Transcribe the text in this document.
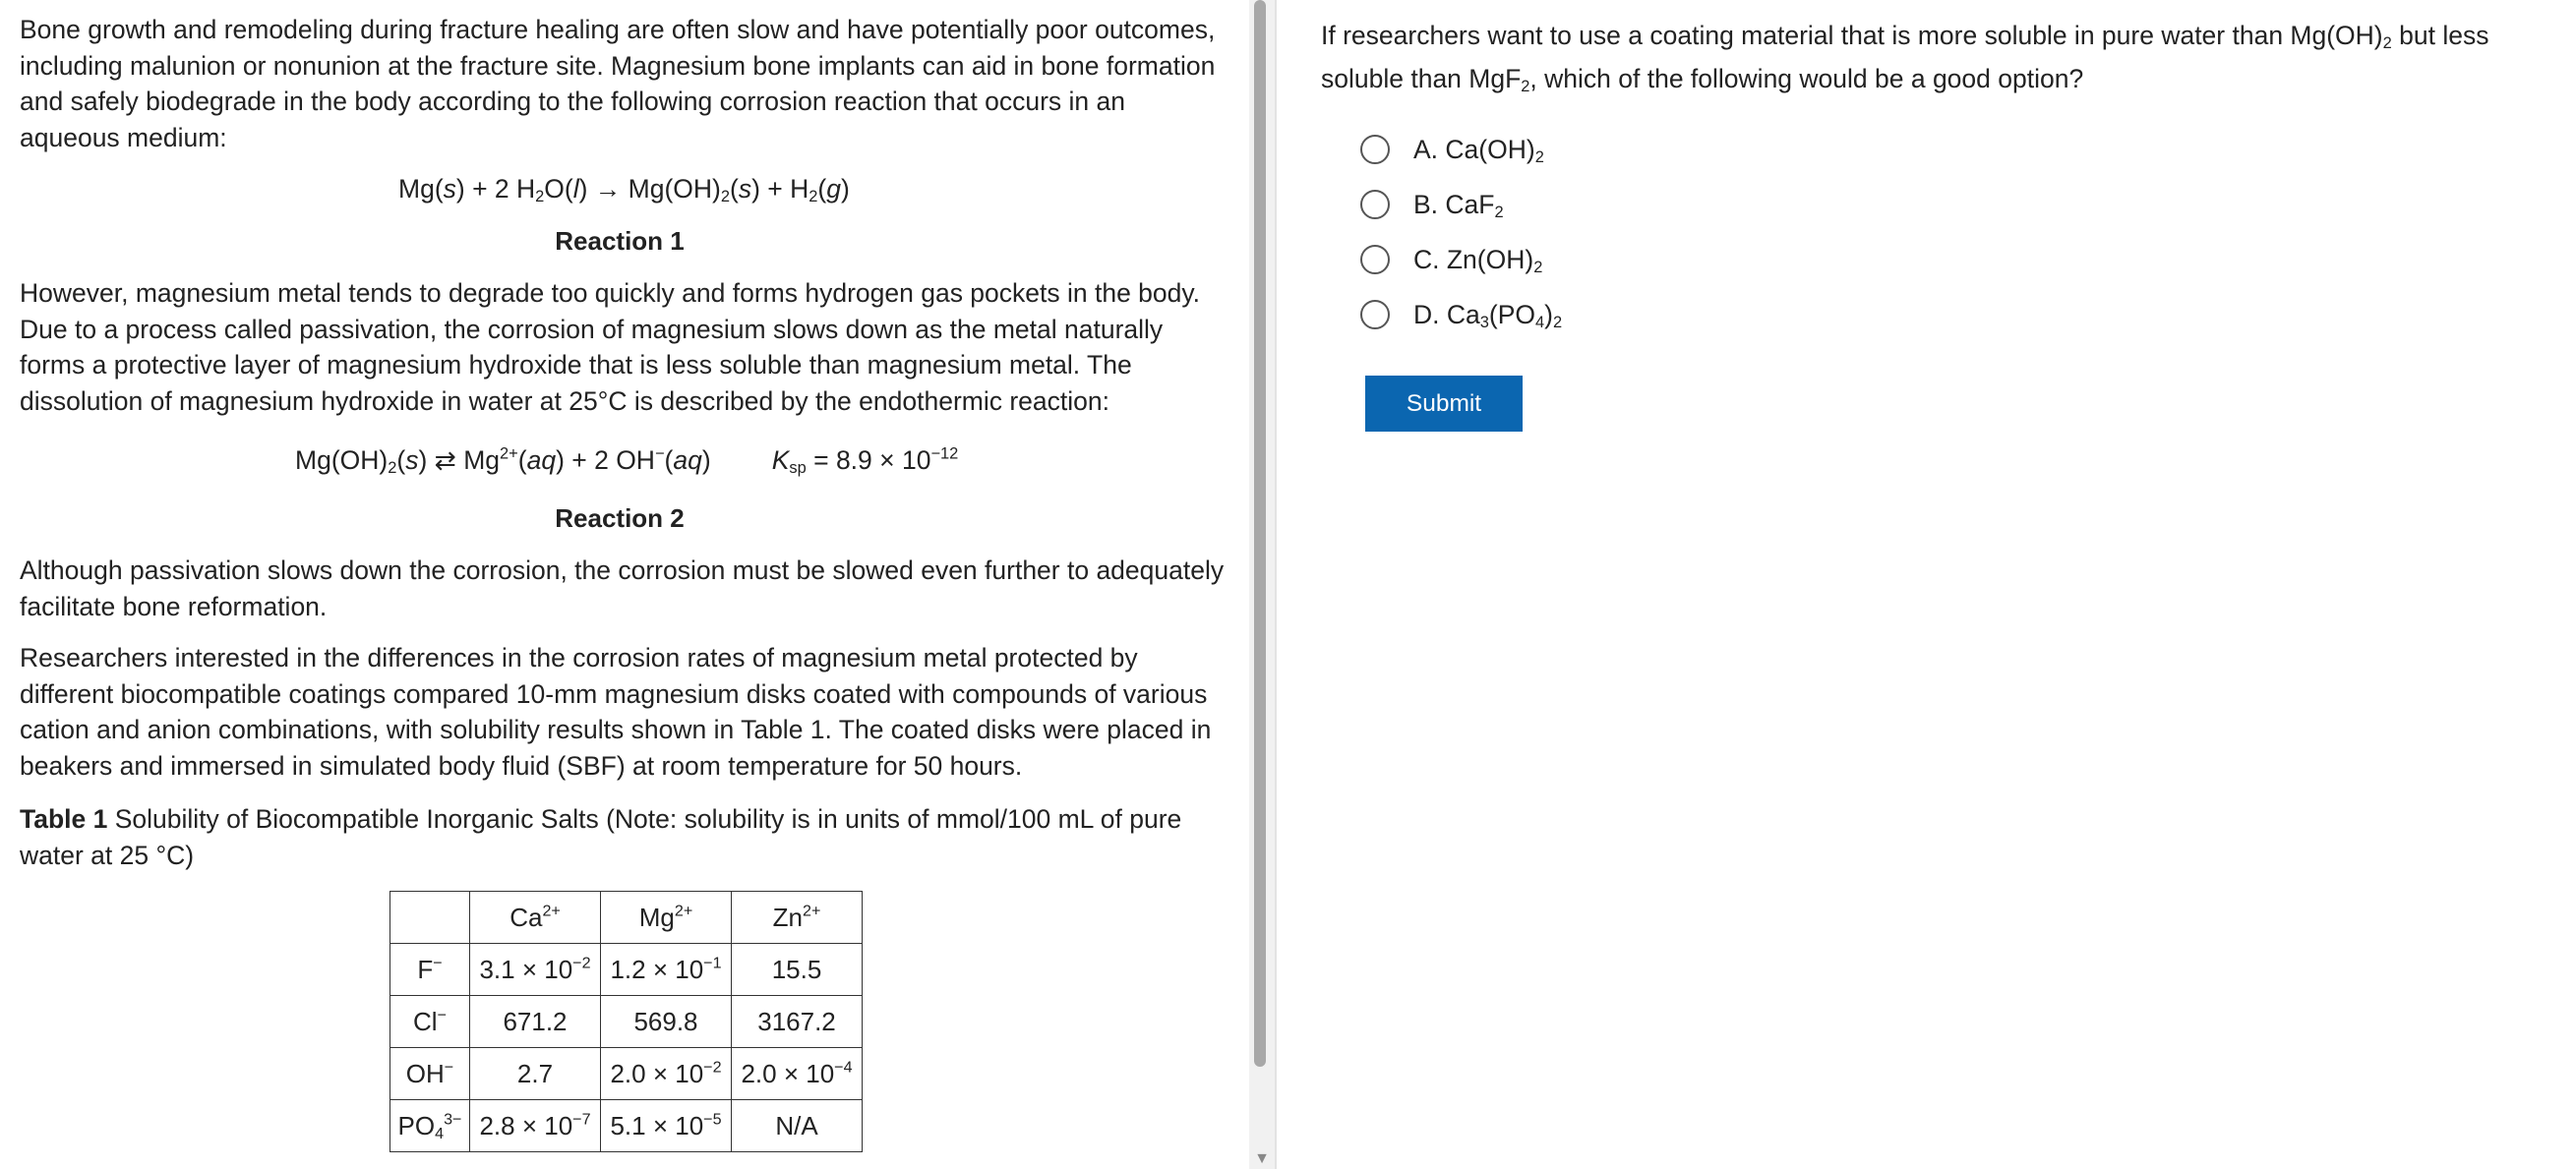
Bone growth and remodeling during fracture healing are often slow and have potentially poor outcomes, including malunion or nonunion at the fracture site. Magnesium bone implants can aid in bone formation and safely biodegrade in the body according to the following corrosion reaction that occurs in an aqueous medium:

Mg(s) + 2 $H_2O(l) \to Mg(OH)_2(s) + H_2(g)$
Reaction 1

However, magnesium metal tends to degrade too quickly and forms hydrogen gas pockets in the body. Due to a process called passivation, the corrosion of magnesium slows down as the metal naturally forms a protective layer of magnesium hydroxide that is less soluble than magnesium metal. The dissolution of magnesium hydroxide in water at 25°C is described by the endothermic reaction:

$Mg(OH)_2(s)$ ⇄ $Mg^{2+}(aq) + 2$ OH−(aq) $K_{sp} = 8.9 \times 10^{-12}$
Reaction 2

Although passivation slows down the corrosion, the corrosion must be slowed even further to adequately facilitate bone reformation.

Researchers interested in the differences in the corrosion rates of magnesium metal protected by different biocompatible coatings compared 10-mm magnesium disks coated with compounds of various cation and anion combinations, with solubility results shown in Table 1. The coated disks were placed in beakers and immersed in simulated body fluid (SBF) at room temperature for 50 hours.

Table 1 Solubility of Biocompatible Inorganic Salts (Note: solubility is in units of mmol/100 mL of pure water at 25 °C)

	$Ca^{2+}$	$Mg^{2+}$	$Zn^{2+}$
F−	$3.1 \times 10^{-2}$	$1.2 \times 10^{-1}$	15.5
Cl−	671.2	569.8	3167.2
OH−	2.7	$2.0 \times 10^{-2}$	$2.0 \times 10^{-4}$
$PO_4^{3-}$	$2.8 \times 10^{-7}$	$5.1 \times 10^{-5}$	N/A
▼

If researchers want to use a coating material that is more soluble in pure water than $Mg(OH)_2$ but less soluble than MgF$_2$, which of the following would be a good option?

A. $Ca(OH)_2$
B. CaF$_2$
C. $Zn(OH)_2$
D. $Ca_3(PO_4)_2$
Submit
